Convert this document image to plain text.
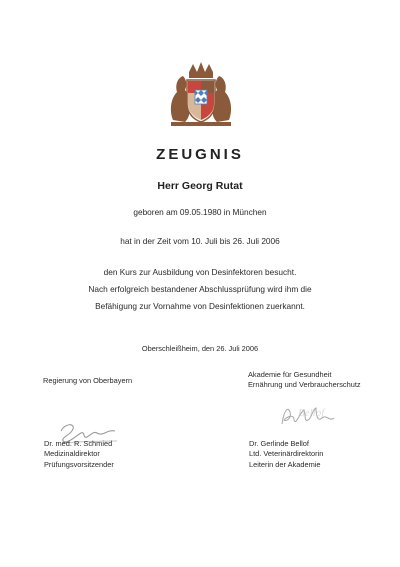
ZEUGNIS
Herr Georg Rutat
geboren am 09.05.1980 in München
hat in der Zeit vom 10. Juli bis 26. Juli 2006
den Kurs zur Ausbildung von Desinfektoren besucht.
Nach erfolgreich bestandener Abschlussprüfung wird ihm die
Befähigung zur Vornahme von Desinfektionen zuerkannt.
Oberschleißheim, den 26. Juli 2006
Regierung von Oberbayern
Akademie für Gesundheit
Ernährung und Verbraucherschutz
Bellof
Dr. med. R. Schmied
Medizinaldirektor
Prüfungsvorsitzender
Dr. Gerlinde Bellof
Ltd. Veterinärdirektorin
Leiterin der Akademie
